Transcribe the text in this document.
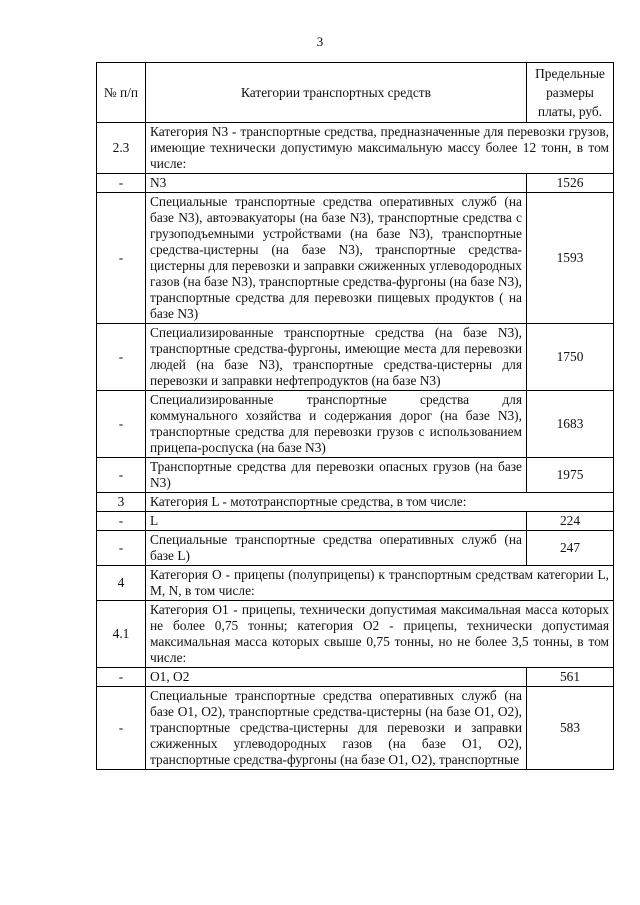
3
№ п/п	Категории транспортных средств	Предельные размеры платы, руб.
2.3	Категория N3 - транспортные средства, предназначенные для перевозки грузов, имеющие технически допустимую максимальную массу более 12 тонн, в том числе:	
-	N3	1526
-	Специальные транспортные средства оперативных служб (на базе N3), автоэвакуаторы (на базе N3), транспортные средства с грузоподъемными устройствами (на базе N3), транспортные средства-цистерны (на базе N3), транспортные средства-цистерны для перевозки и заправки сжиженных углеводородных газов (на базе N3), транспортные средства-фургоны (на базе N3), транспортные средства для перевозки пищевых продуктов ( на базе N3)	1593
-	Специализированные транспортные средства (на базе N3), транспортные средства-фургоны, имеющие места для перевозки людей (на базе N3), транспортные средства-цистерны для перевозки и заправки нефтепродуктов (на базе N3)	1750
-	Специализированные транспортные средства для коммунального хозяйства и содержания дорог (на базе N3), транспортные средства для перевозки грузов с использованием прицепа-роспуска (на базе N3)	1683
-	Транспортные средства для перевозки опасных грузов (на базе N3)	1975
3	Категория L - мототранспортные средства, в том числе:	
-	L	224
-	Специальные транспортные средства оперативных служб (на базе L)	247
4	Категория О - прицепы (полуприцепы) к транспортным средствам категории L, M, N, в том числе:	
4.1	Категория O1 - прицепы, технически допустимая максимальная масса которых не более 0,75 тонны; категория O2 - прицепы, технически допустимая максимальная масса которых свыше 0,75 тонны, но не более 3,5 тонны, в том числе:	
-	O1, O2	561
-	Специальные транспортные средства оперативных служб (на базе O1, O2), транспортные средства-цистерны (на базе O1, O2), транспортные средства-цистерны для перевозки и заправки сжиженных углеводородных газов (на базе O1, O2), транспортные средства-фургоны (на базе O1, O2), транспортные	583
